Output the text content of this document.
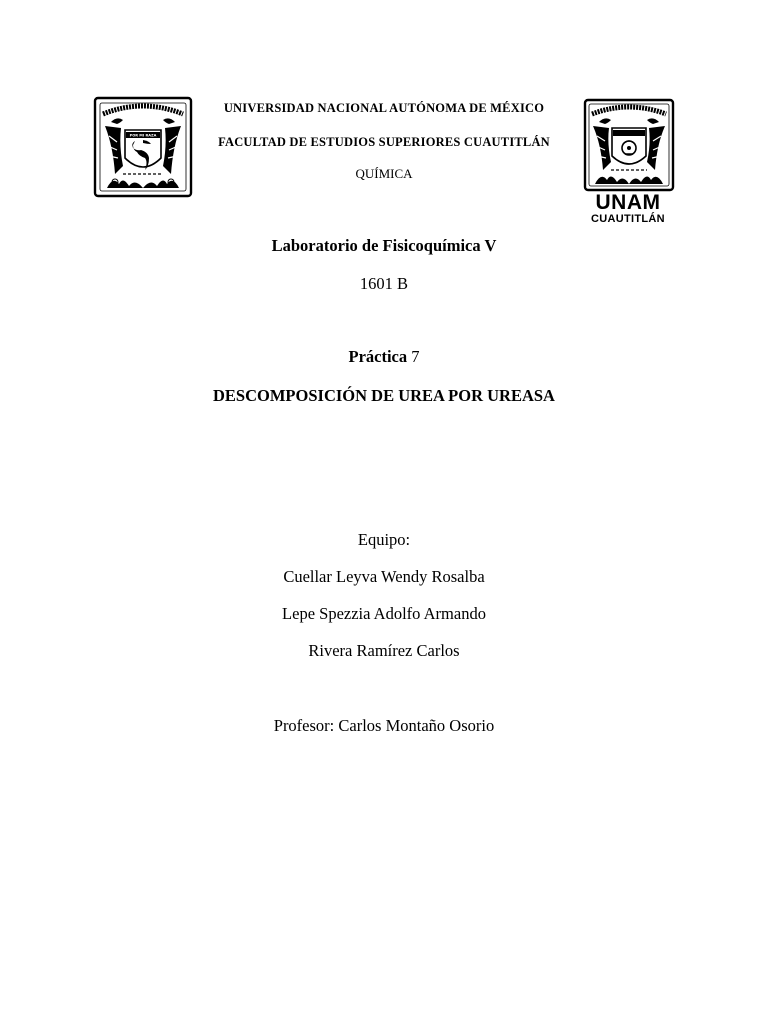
POR MI RAZA
UNAM
CUAUTITLÁN
UNIVERSIDAD NACIONAL AUTÓNOMA DE MÉXICO
FACULTAD DE ESTUDIOS SUPERIORES CUAUTITLÁN
QUÍMICA
Laboratorio de Fisicoquímica V
1601 B
Práctica 7
DESCOMPOSICIÓN DE UREA POR UREASA
Equipo:
Cuellar Leyva Wendy Rosalba
Lepe Spezzia Adolfo Armando
Rivera Ramírez Carlos
Profesor: Carlos Montaño Osorio
